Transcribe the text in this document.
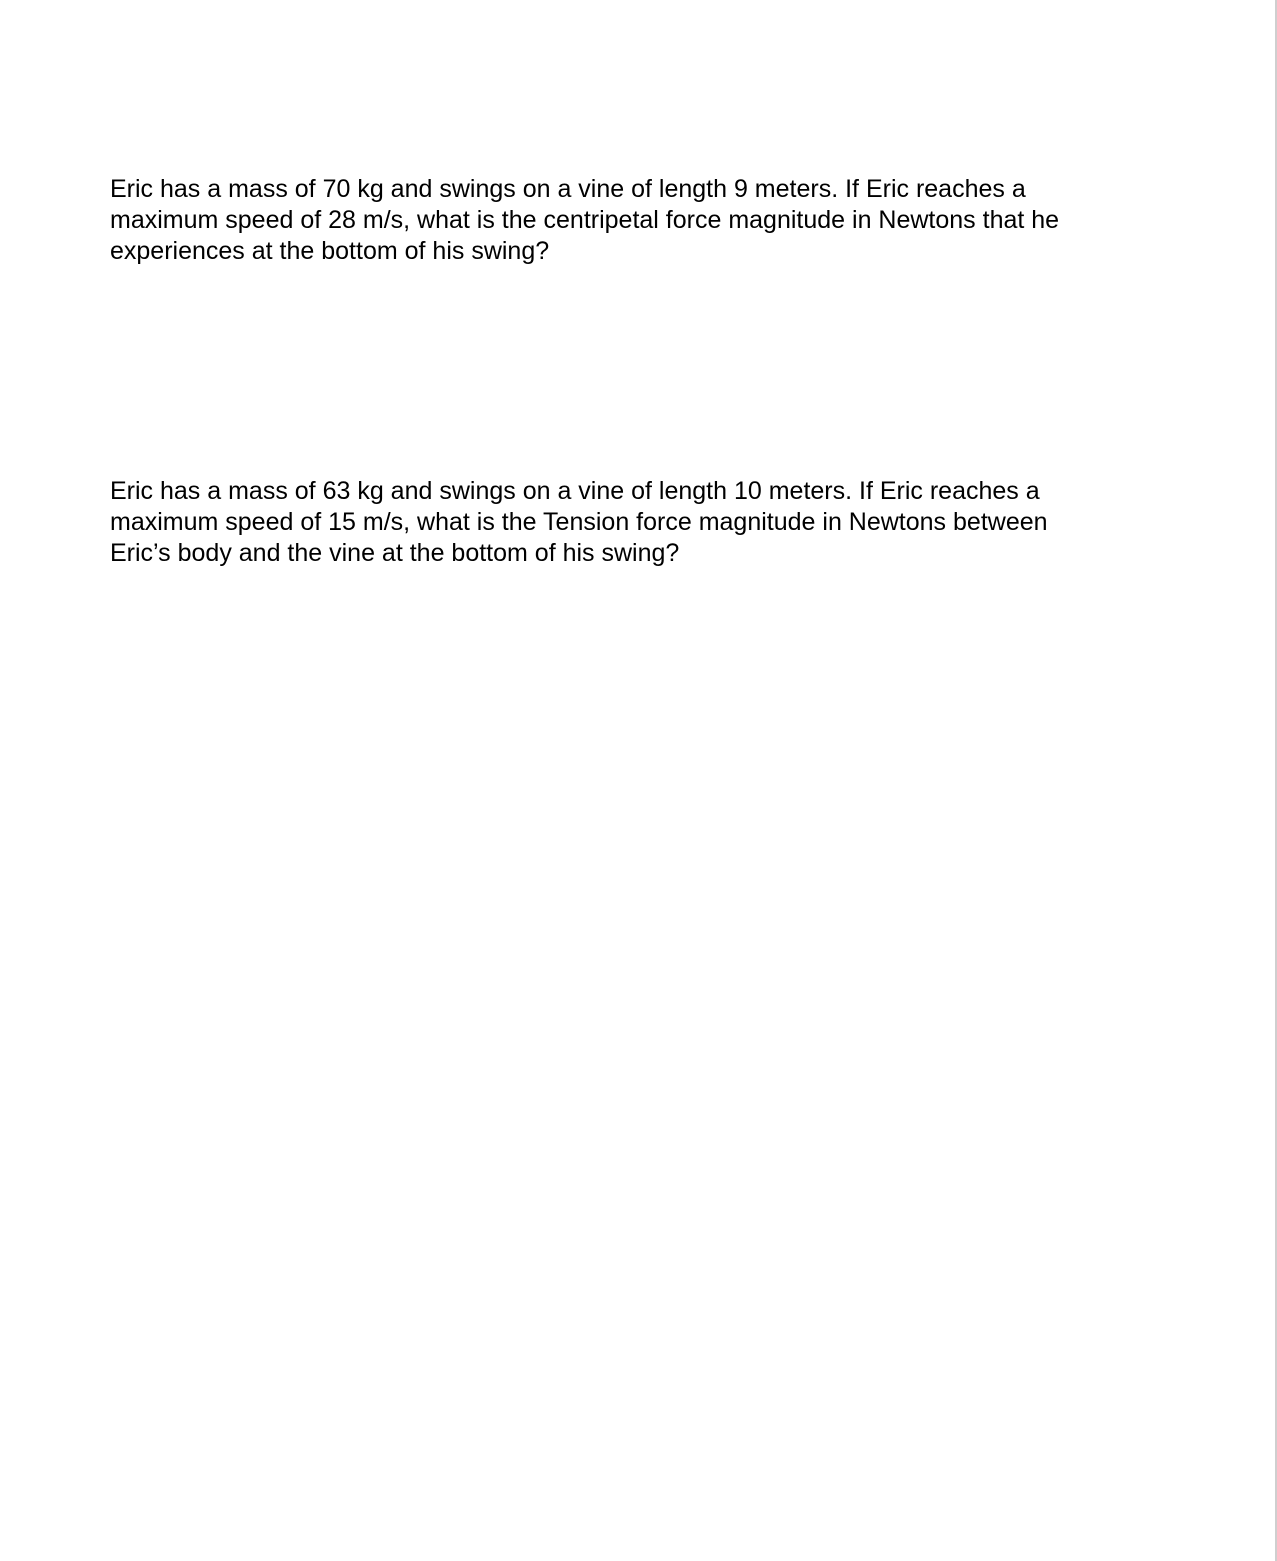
Eric has a mass of 70 kg and swings on a vine of length 9 meters. If Eric reaches a
maximum speed of 28 m/s, what is the centripetal force magnitude in Newtons that he
experiences at the bottom of his swing?

Eric has a mass of 63 kg and swings on a vine of length 10 meters. If Eric reaches a
maximum speed of 15 m/s, what is the Tension force magnitude in Newtons between
Eric’s body and the vine at the bottom of his swing?
